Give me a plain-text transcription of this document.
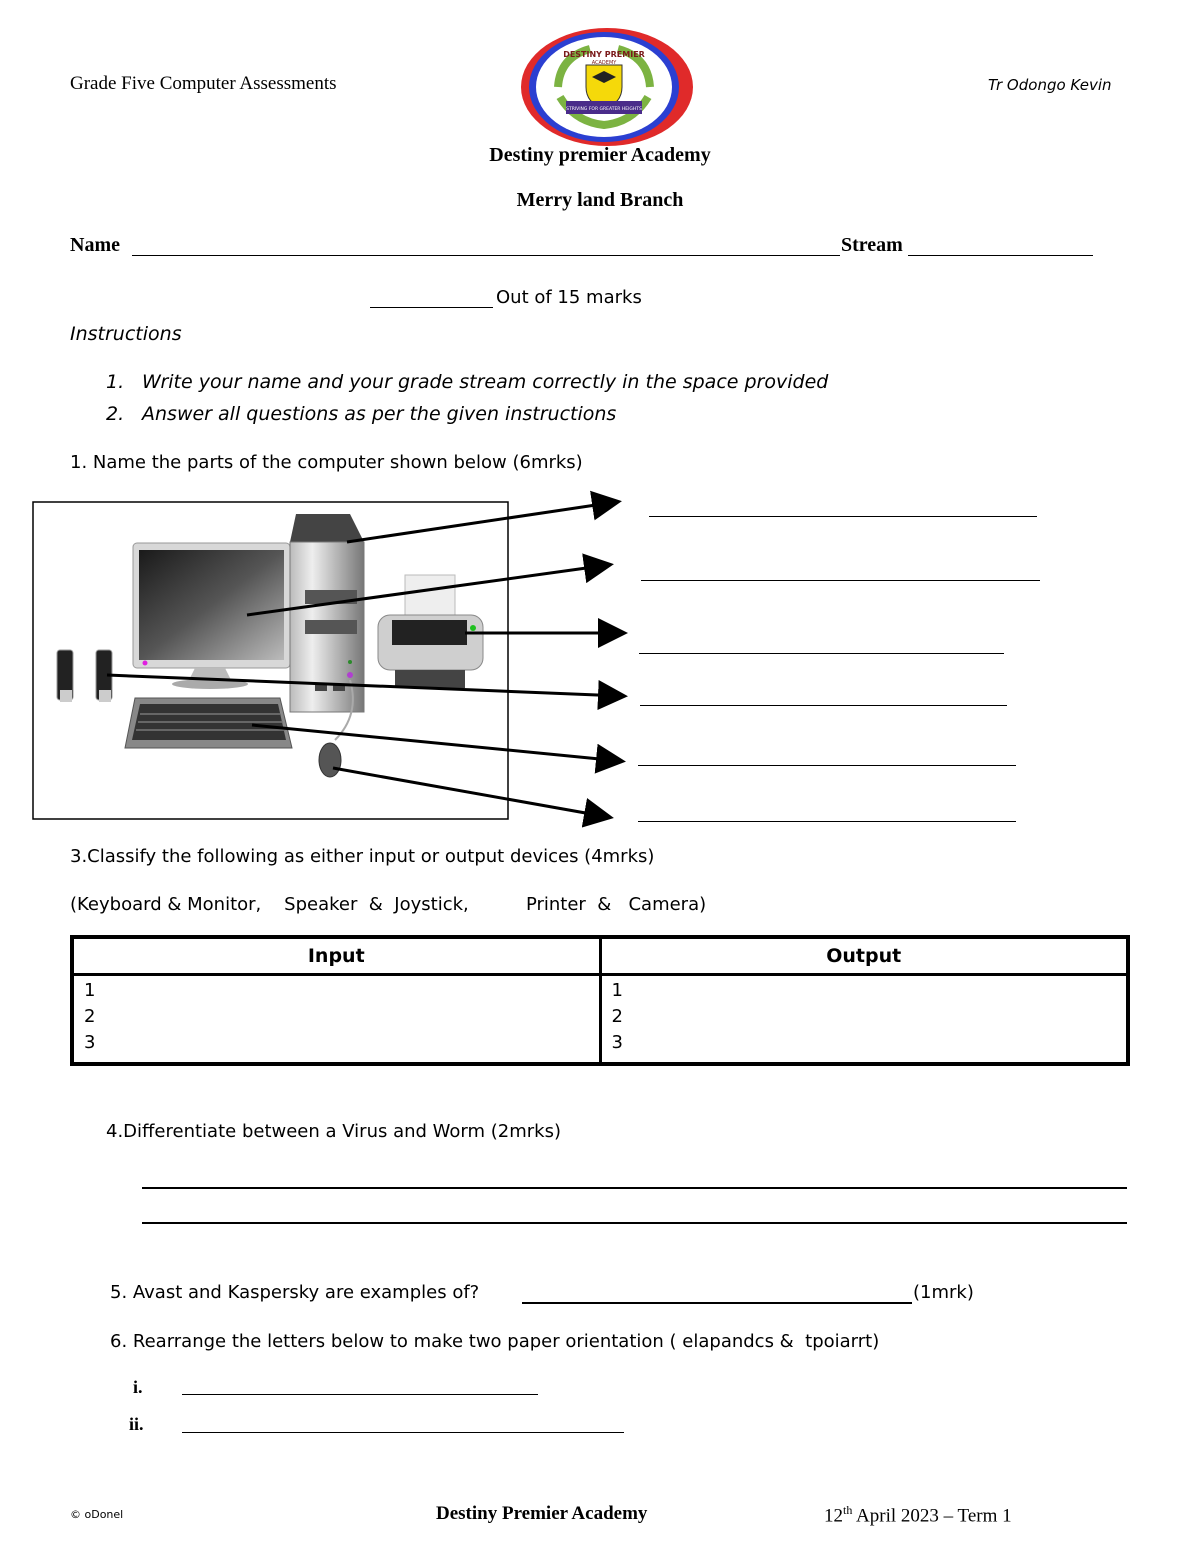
Grade Five Computer Assessments	Tr Odongo Kevin
DESTINY PREMIER
ACADEMY
STRIVING FOR GREATER HEIGHTS
Destiny premier Academy
Merry land Branch
Name	Stream
Out of 15 marks
Instructions
1. Write your name and your grade stream correctly in the space provided
2. Answer all questions as per the given instructions
1. Name the parts of the computer shown below (6mrks)
3.Classify the following as either input or output devices (4mrks)
(Keyboard & Monitor,    Speaker  &  Joystick,          Printer  &   Camera)
Input	Output
1	1
2	2
3	3
4.Differentiate between a Virus and Worm (2mrks)
5. Avast and Kaspersky are examples of?	(1mrk)
6. Rearrange the letters below to make two paper orientation ( elapandcs &  tpoiarrt)
i.
ii.
© oDonel	Destiny Premier Academy	12th April 2023 – Term 1
